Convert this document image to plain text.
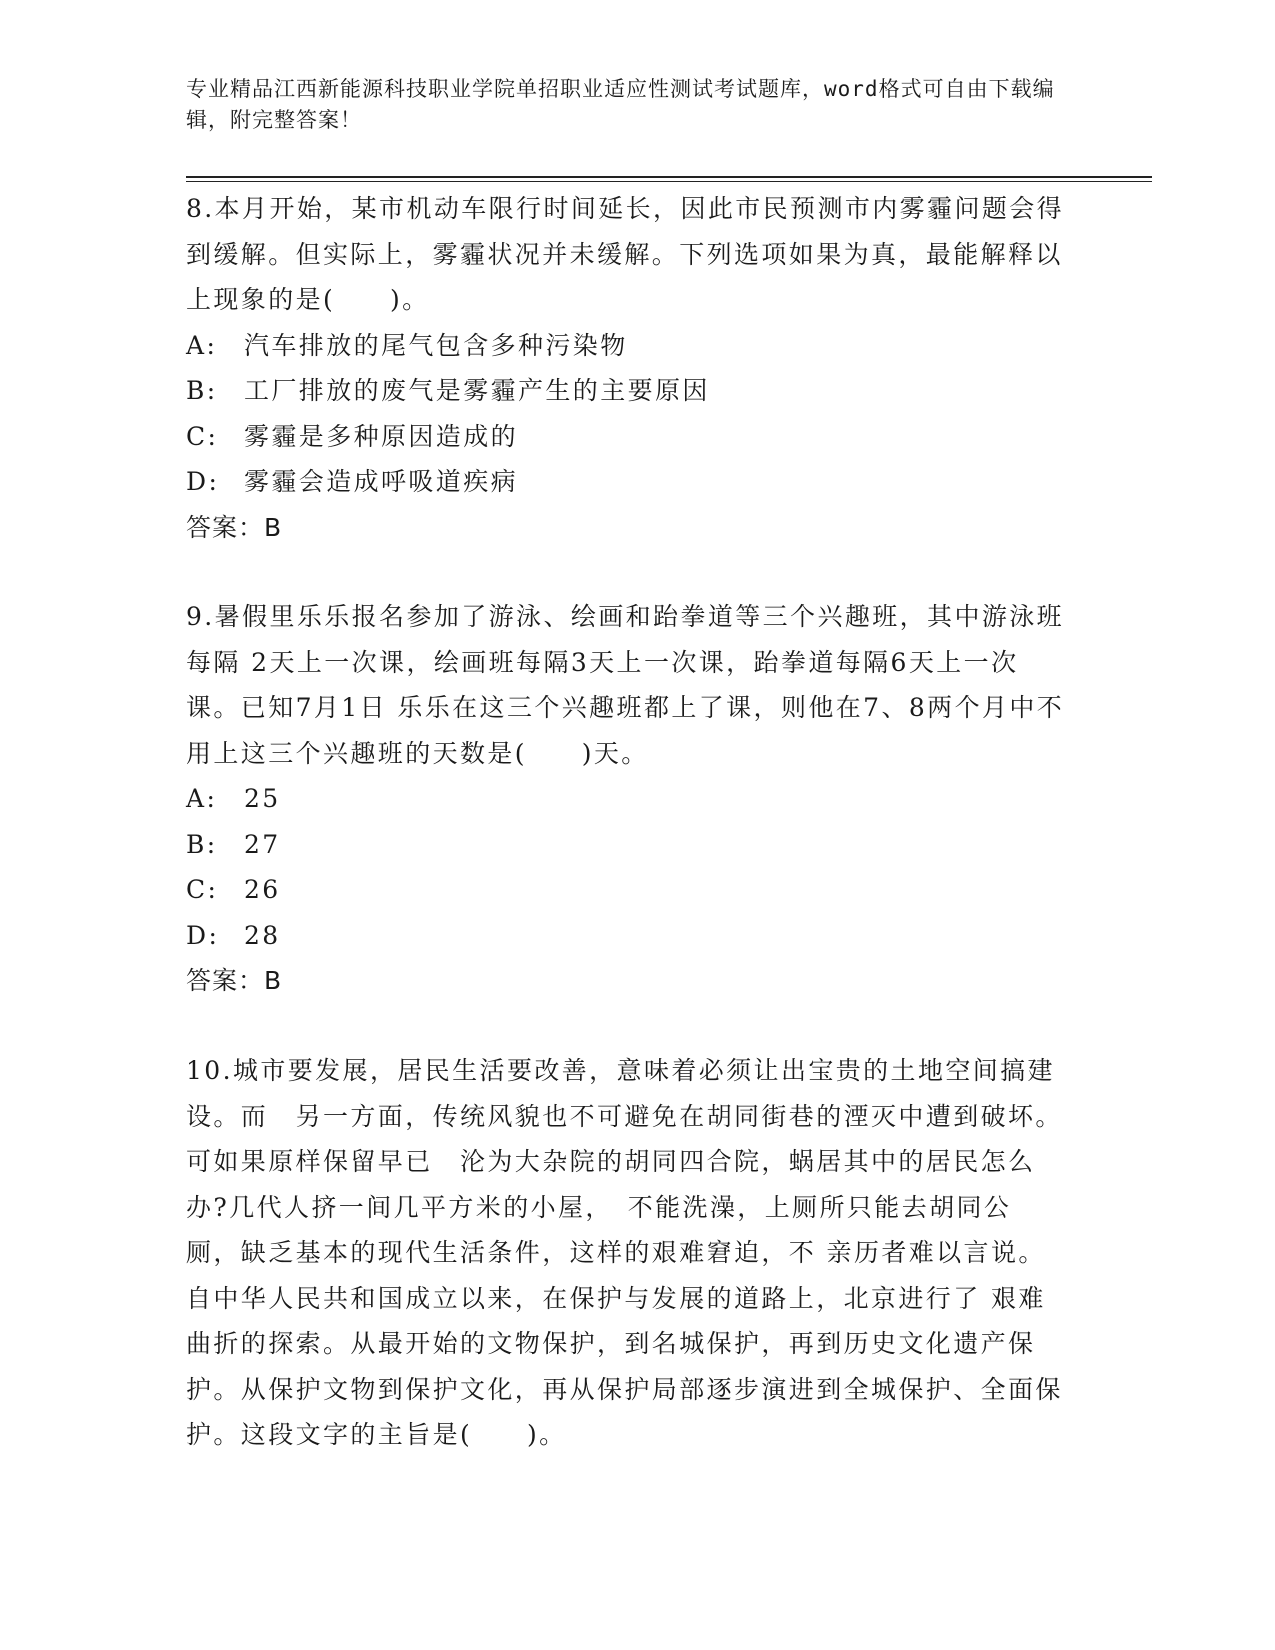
专业精品江西新能源科技职业学院单招职业适应性测试考试题库，word格式可自由下载编辑，附完整答案！

8.本月开始，某市机动车限行时间延长，因此市民预测市内雾霾问题会得到缓解。但实际上，雾霾状况并未缓解。下列选项如果为真，最能解释以上现象的是(　　)。

A:	汽车排放的尾气包含多种污染物

B:	工厂排放的废气是雾霾产生的主要原因

C:	雾霾是多种原因造成的

D: 雾霾会造成呼吸道疾病

答案：B

9.暑假里乐乐报名参加了游泳、绘画和跆拳道等三个兴趣班，其中游泳班每隔 2天上一次课，绘画班每隔3天上一次课，跆拳道每隔6天上一次课。已知7月1日 乐乐在这三个兴趣班都上了课，则他在7、8两个月中不用上这三个兴趣班的天数是(　　)天。

A:	25

B:	27

C:	26

D: 28

答案：B

10.城市要发展，居民生活要改善，意味着必须让出宝贵的土地空间搞建设。而　另一方面，传统风貌也不可避免在胡同街巷的湮灭中遭到破坏。可如果原样保留早已　沦为大杂院的胡同四合院，蜗居其中的居民怎么办?几代人挤一间几平方米的小屋，　不能洗澡，上厕所只能去胡同公厕，缺乏基本的现代生活条件，这样的艰难窘迫，不 亲历者难以言说。自中华人民共和国成立以来，在保护与发展的道路上，北京进行了 艰难曲折的探索。从最开始的文物保护，到名城保护，再到历史文化遗产保护。从保护文物到保护文化，再从保护局部逐步演进到全城保护、全面保护。这段文字的主旨是(　　)。
